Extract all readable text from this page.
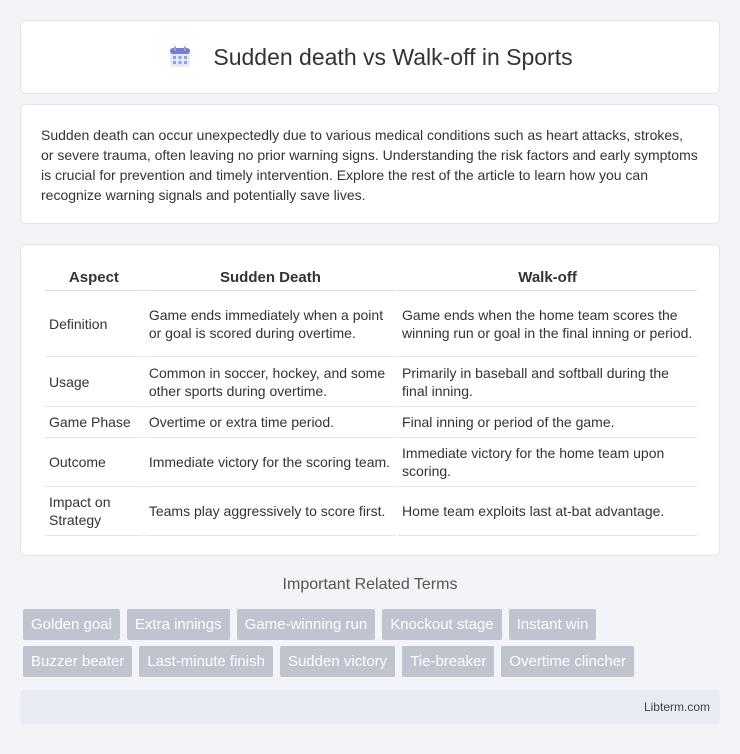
Sudden death vs Walk-off in Sports

Sudden death can occur unexpectedly due to various medical conditions such as heart attacks, strokes, or severe trauma, often leaving no prior warning signs. Understanding the risk factors and early symptoms is crucial for prevention and timely intervention. Explore the rest of the article to learn how you can recognize warning signals and potentially save lives.

Aspect	Sudden Death	Walk-off
Definition	Game ends immediately when a point or goal is scored during overtime.	Game ends when the home team scores the winning run or goal in the final inning or period.
Usage	Common in soccer, hockey, and some other sports during overtime.	Primarily in baseball and softball during the final inning.
Game Phase	Overtime or extra time period.	Final inning or period of the game.
Outcome	Immediate victory for the scoring team.	Immediate victory for the home team upon scoring.
Impact on Strategy	Teams play aggressively to score first.	Home team exploits last at-bat advantage.
Important Related Terms
Golden goal	Extra innings	Game-winning run	Knockout stage	Instant win
Buzzer beater	Last-minute finish	Sudden victory	Tie-breaker	Overtime clincher
Libterm.com
